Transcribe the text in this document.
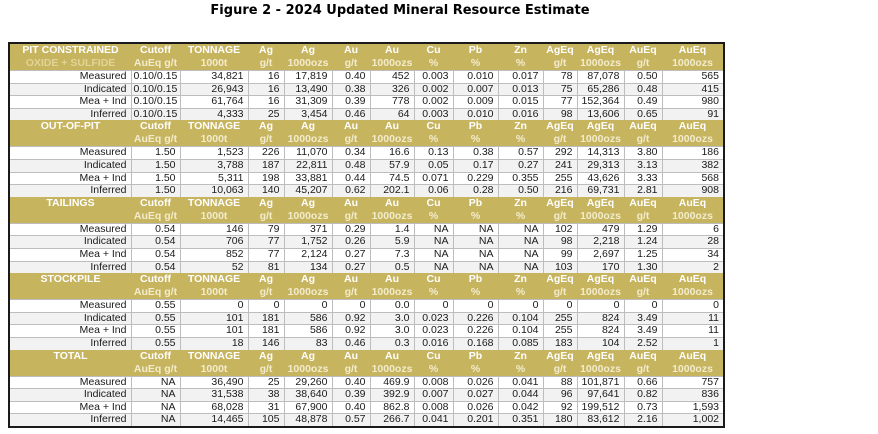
Figure 2 - 2024 Updated Mineral Resource Estimate
PIT CONSTRAINED	Cutoff	TONNAGE	Ag	Ag	Au	Au	Cu	Pb	Zn	AgEq	AgEq	AuEq	AuEq
OXIDE + SULFIDE	AuEq g/t	1000t	g/t	1000ozs	g/t	1000ozs	%	%	%	g/t	1000ozs	g/t	1000ozs
Measured	0.10/0.15	34,821	16	17,819	0.40	452	0.003	0.010	0.017	78	87,078	0.50	565
Indicated	0.10/0.15	26,943	16	13,490	0.38	326	0.002	0.007	0.013	75	65,286	0.48	415
Mea + Ind	0.10/0.15	61,764	16	31,309	0.39	778	0.002	0.009	0.015	77	152,364	0.49	980
Inferred	0.10/0.15	4,333	25	3,454	0.46	64	0.003	0.010	0.016	98	13,606	0.65	91
OUT-OF-PIT	Cutoff	TONNAGE	Ag	Ag	Au	Au	Cu	Pb	Zn	AgEq	AgEq	AuEq	AuEq
	AuEq g/t	1000t	g/t	1000ozs	g/t	1000ozs	%	%	%	g/t	1000ozs	g/t	1000ozs
Measured	1.50	1,523	226	11,070	0.34	16.6	0.13	0.38	0.57	292	14,313	3.80	186
Indicated	1.50	3,788	187	22,811	0.48	57.9	0.05	0.17	0.27	241	29,313	3.13	382
Mea + Ind	1.50	5,311	198	33,881	0.44	74.5	0.071	0.229	0.355	255	43,626	3.33	568
Inferred	1.50	10,063	140	45,207	0.62	202.1	0.06	0.28	0.50	216	69,731	2.81	908
TAILINGS	Cutoff	TONNAGE	Ag	Ag	Au	Au	Cu	Pb	Zn	AgEq	AgEq	AuEq	AuEq
	AuEq g/t	1000t	g/t	1000ozs	g/t	1000ozs	%	%	%	g/t	1000ozs	g/t	1000ozs
Measured	0.54	146	79	371	0.29	1.4	NA	NA	NA	102	479	1.29	6
Indicated	0.54	706	77	1,752	0.26	5.9	NA	NA	NA	98	2,218	1.24	28
Mea + Ind	0.54	852	77	2,124	0.27	7.3	NA	NA	NA	99	2,697	1.25	34
Inferred	0.54	52	81	134	0.27	0.5	NA	NA	NA	103	170	1.30	2
STOCKPILE	Cutoff	TONNAGE	Ag	Ag	Au	Au	Cu	Pb	Zn	AgEq	AgEq	AuEq	AuEq
	AuEq g/t	1000t	g/t	1000ozs	g/t	1000ozs	%	%	%	g/t	1000ozs	g/t	1000ozs
Measured	0.55	0	0	0	0	0.0	0	0	0	0	0	0	0
Indicated	0.55	101	181	586	0.92	3.0	0.023	0.226	0.104	255	824	3.49	11
Mea + Ind	0.55	101	181	586	0.92	3.0	0.023	0.226	0.104	255	824	3.49	11
Inferred	0.55	18	146	83	0.46	0.3	0.016	0.168	0.085	183	104	2.52	1
TOTAL	Cutoff	TONNAGE	Ag	Ag	Au	Au	Cu	Pb	Zn	AgEq	AgEq	AuEq	AuEq
	AuEq g/t	1000t	g/t	1000ozs	g/t	1000ozs	%	%	%	g/t	1000ozs	g/t	1000ozs
Measured	NA	36,490	25	29,260	0.40	469.9	0.008	0.026	0.041	88	101,871	0.66	757
Indicated	NA	31,538	38	38,640	0.39	392.9	0.007	0.027	0.044	96	97,641	0.82	836
Mea + Ind	NA	68,028	31	67,900	0.40	862.8	0.008	0.026	0.042	92	199,512	0.73	1,593
Inferred	NA	14,465	105	48,878	0.57	266.7	0.041	0.201	0.351	180	83,612	2.16	1,002
